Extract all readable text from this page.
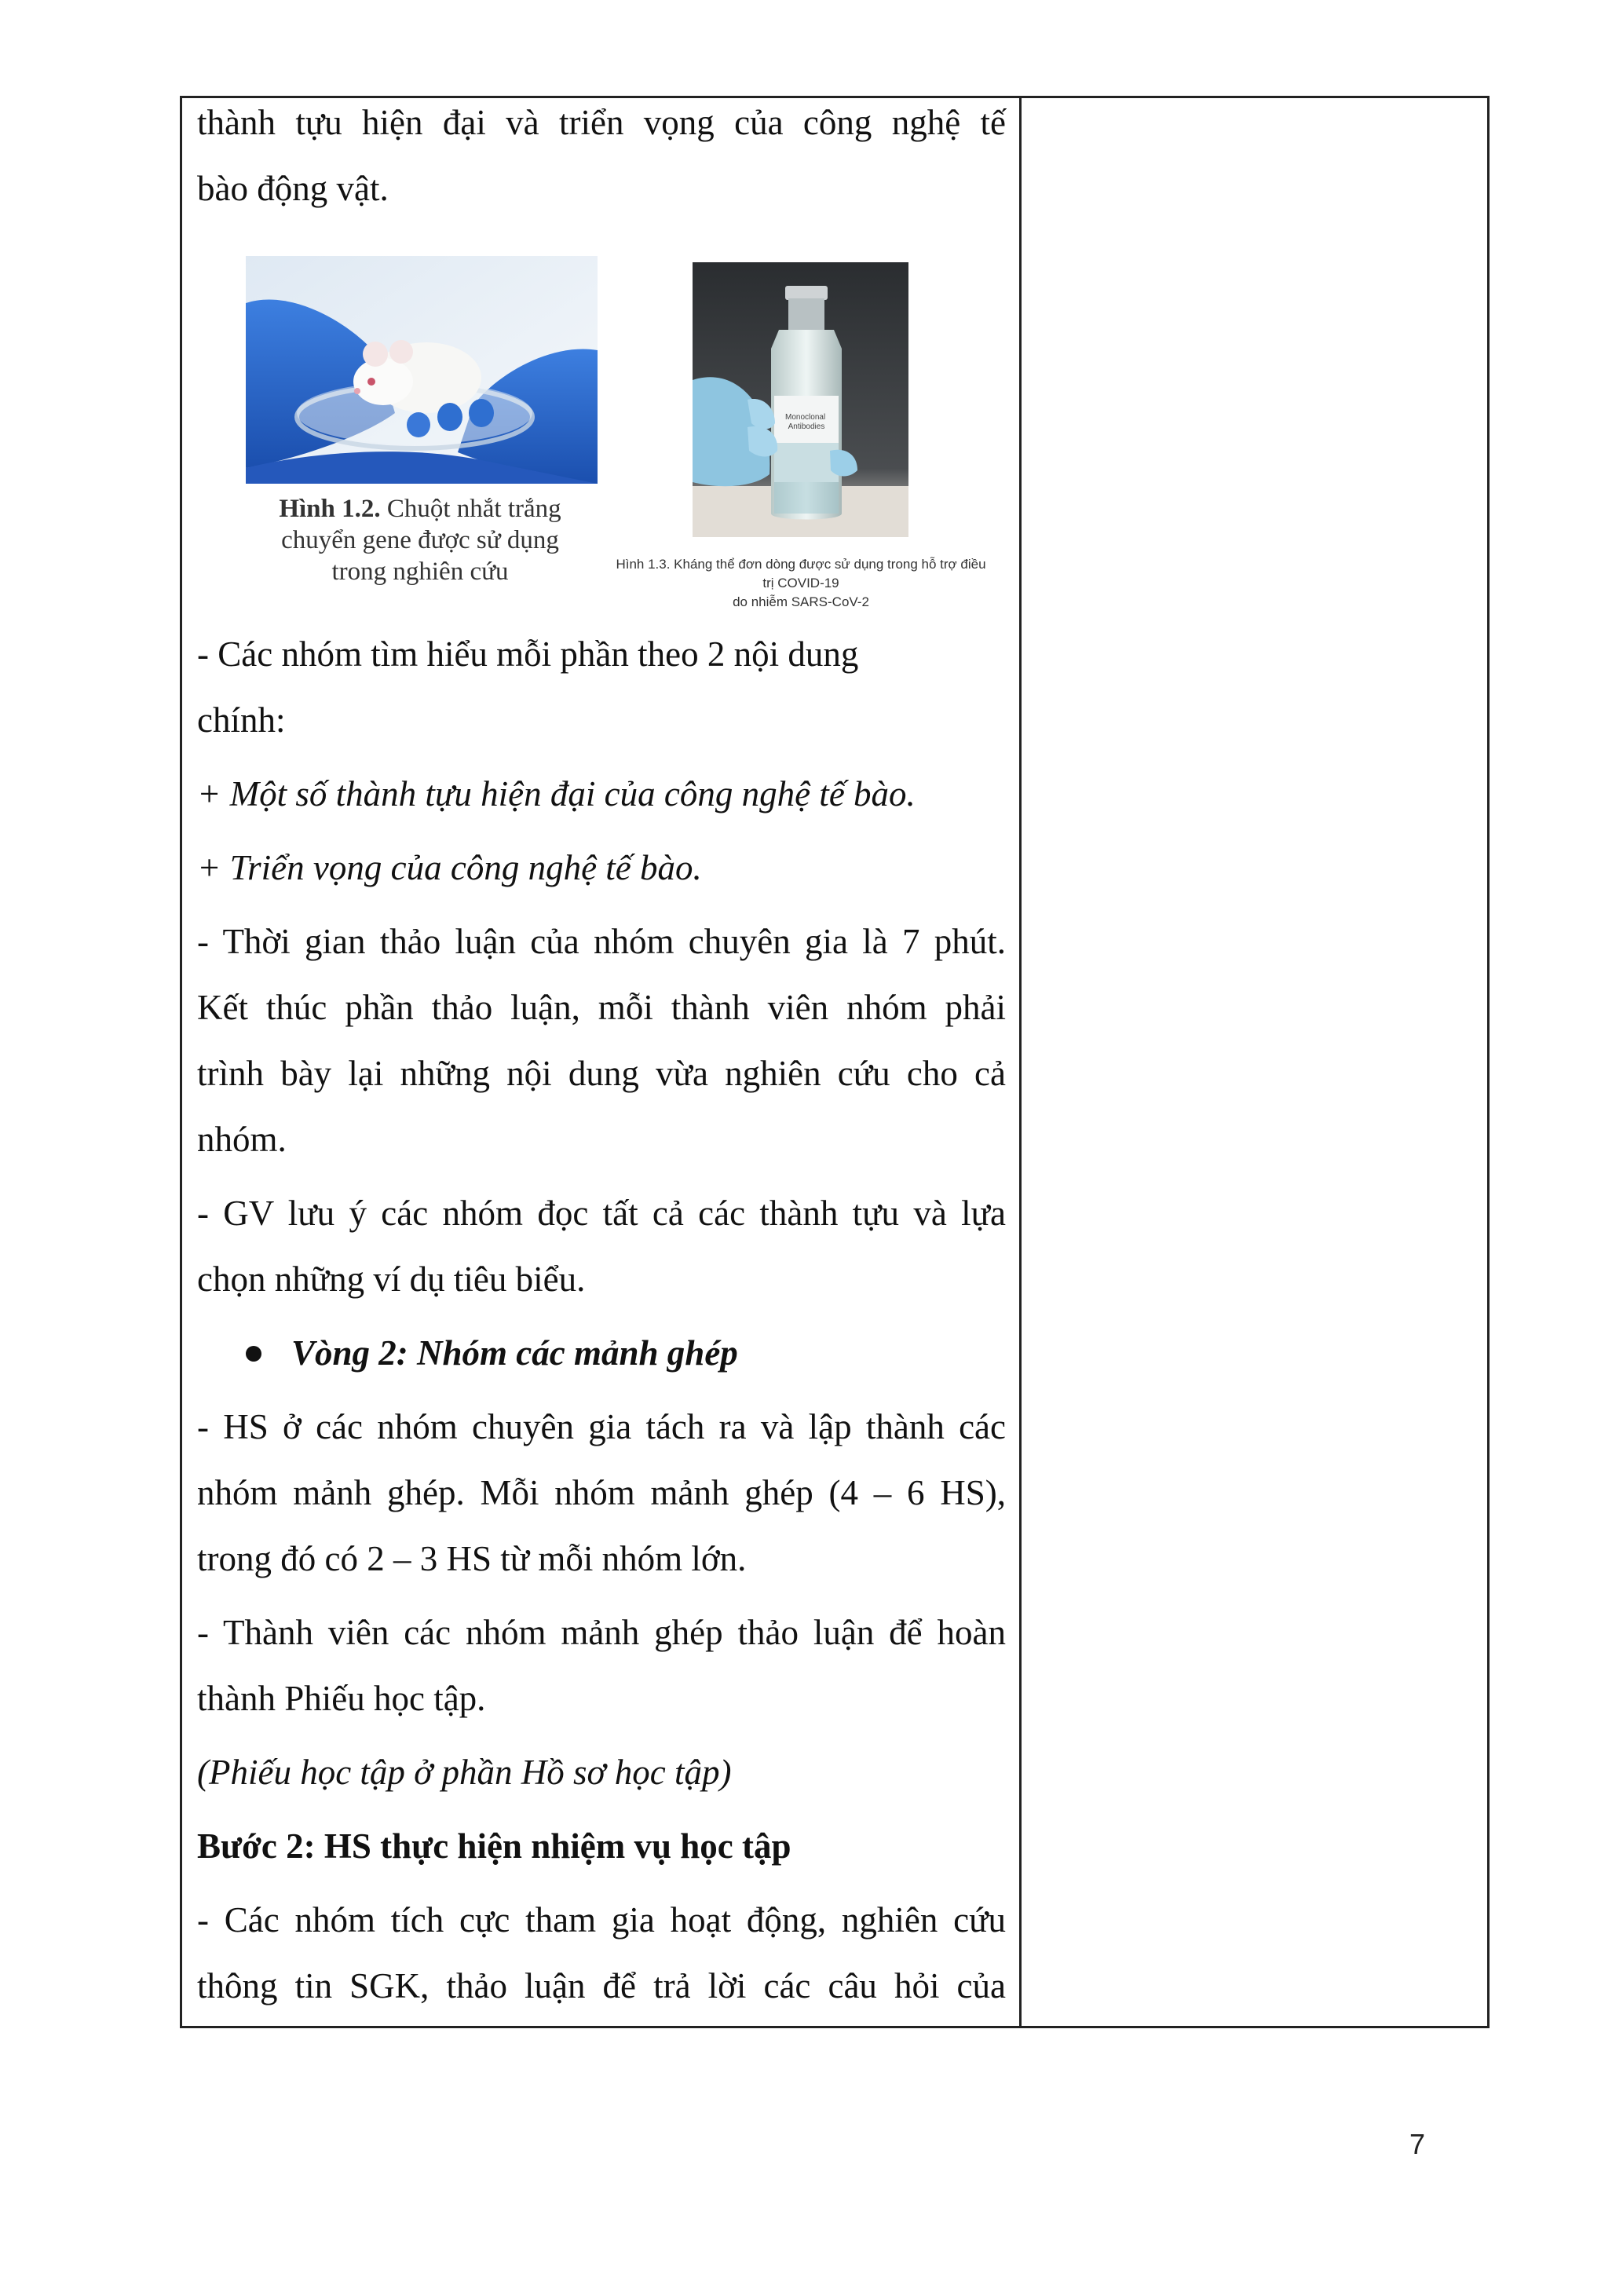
thành tựu hiện đại và triển vọng của công nghệ tế

bào động vật.

Hình 1.2. Chuột nhắt trắng
chuyển gene được sử dụng
trong nghiên cứu
Monoclonal Antibodies
Hình 1.3. Kháng thể đơn dòng được sử dụng trong hỗ trợ điều trị COVID-19
do nhiễm SARS-CoV-2

- Các nhóm tìm hiểu mỗi phần theo 2 nội dung

chính:

+ Một số thành tựu hiện đại của công nghệ tế bào.

+ Triển vọng của công nghệ tế bào.

- Thời gian thảo luận của nhóm chuyên gia là 7 phút.

Kết thúc phần thảo luận, mỗi thành viên nhóm phải

trình bày lại những nội dung vừa nghiên cứu cho cả

nhóm.

- GV lưu ý các nhóm đọc tất cả các thành tựu và lựa

chọn những ví dụ tiêu biểu.

Vòng 2: Nhóm các mảnh ghép

- HS ở các nhóm chuyên gia tách ra và lập thành các

nhóm mảnh ghép. Mỗi nhóm mảnh ghép (4 – 6 HS),

trong đó có 2 – 3 HS từ mỗi nhóm lớn.

- Thành viên các nhóm mảnh ghép thảo luận để hoàn

thành Phiếu học tập.

(Phiếu học tập ở phần Hồ sơ học tập)

Bước 2: HS thực hiện nhiệm vụ học tập

- Các nhóm tích cực tham gia hoạt động, nghiên cứu

thông tin SGK, thảo luận để trả lời các câu hỏi của

7
